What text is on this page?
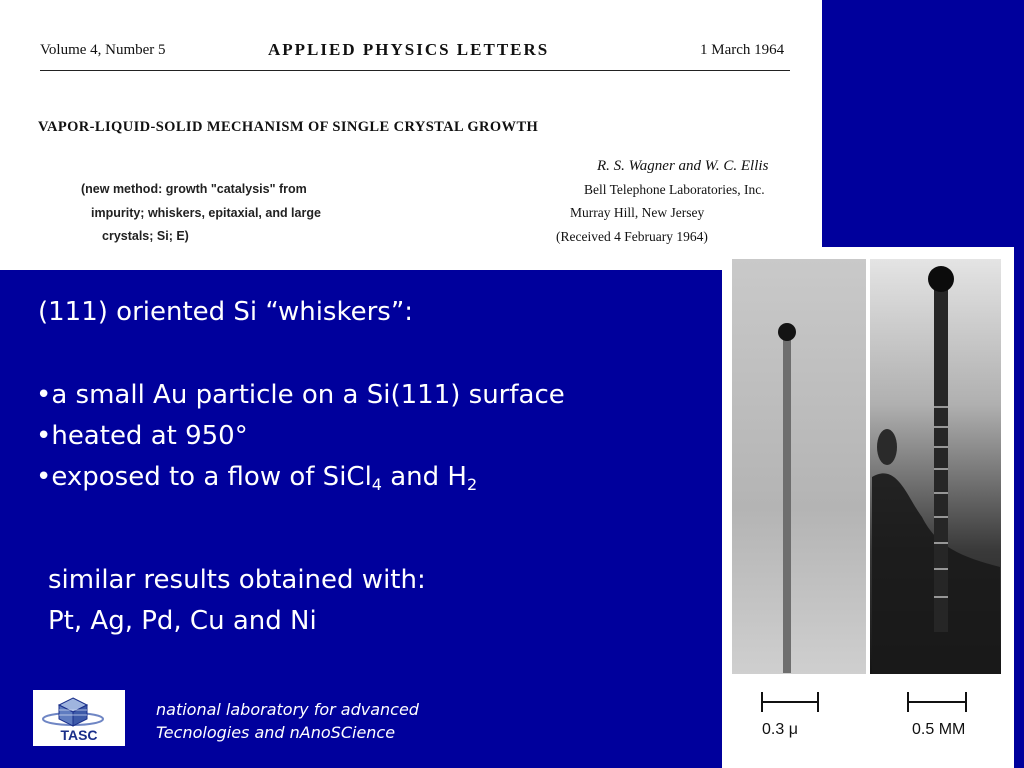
Volume 4, Number 5	APPLIED PHYSICS LETTERS	1 March 1964
VAPOR-LIQUID-SOLID MECHANISM OF SINGLE CRYSTAL GROWTH
R. S. Wagner and W. C. Ellis
Bell Telephone Laboratories, Inc.
Murray Hill, New Jersey
(Received 4 February 1964)
(new method: growth "catalysis" from
impurity; whiskers, epitaxial, and large
crystals; Si; E)
(111) oriented Si “whiskers”:
•a small Au particle on a Si(111) surface
•heated at 950°
•exposed to a flow of SiCl$_4$ and $H_2$
similar results obtained with:
Pt, Ag, Pd, Cu and Ni
TASC
national laboratory for advanced
Tecnologies and nAnoSCience	0.3 μ	0.5 MM
